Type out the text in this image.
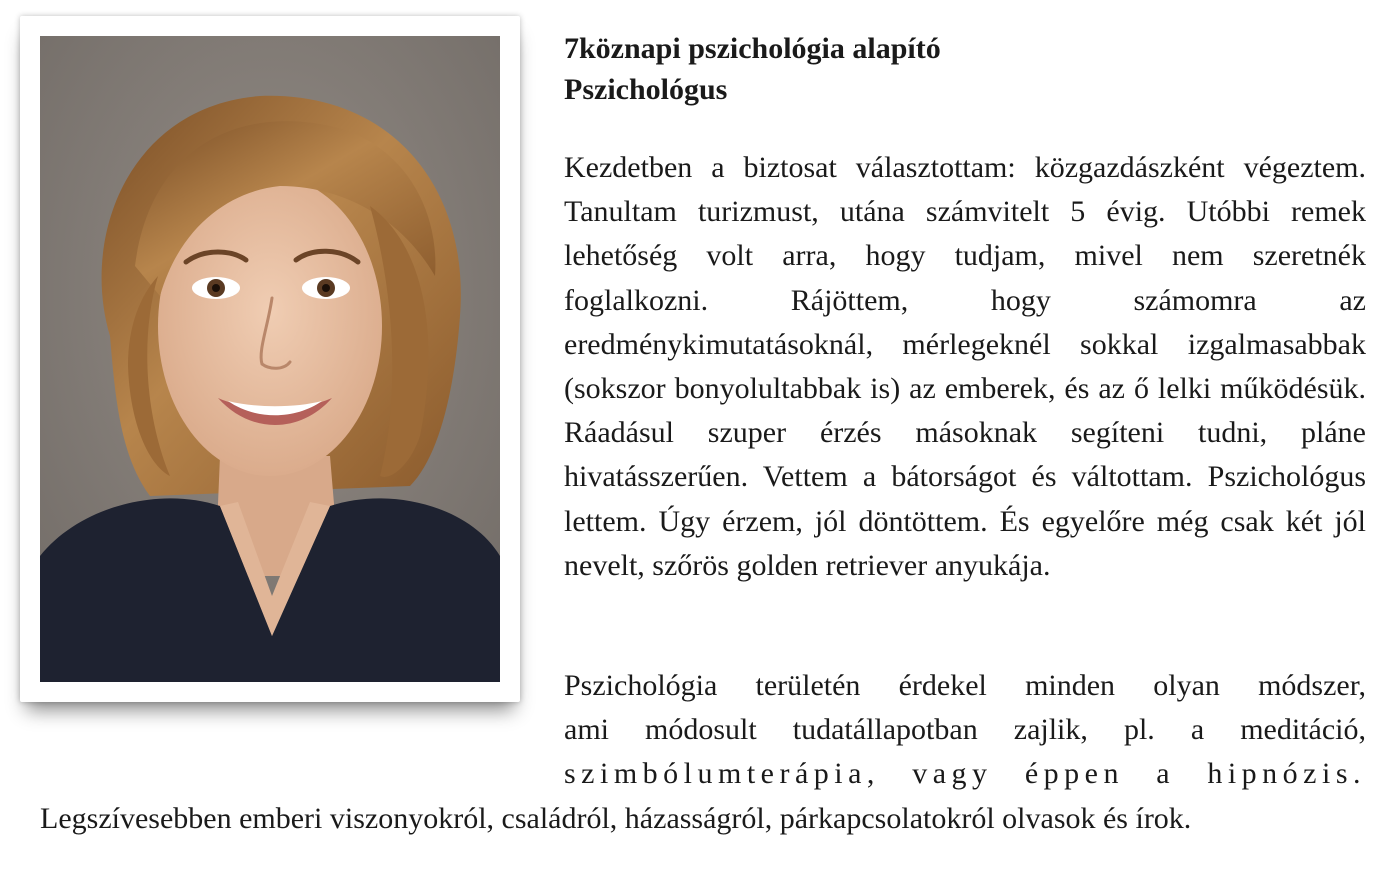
7köznapi pszichológia alapító
Pszichológus

Kezdetben a biztosat választottam: közgazdászként végeztem. Tanultam turizmust, utána számvitelt 5 évig. Utóbbi remek lehetőség volt arra, hogy tudjam, mivel nem szeretnék foglalkozni. Rájöttem, hogy számomra az eredménykimutatásoknál, mérlegeknél sokkal izgalmasabbak (sokszor bonyolultabbak is) az emberek, és az ő lelki működésük. Ráadásul szuper érzés másoknak segíteni tudni, pláne hivatásszerűen. Vettem a bátorságot és váltottam. Pszichológus lettem. Úgy érzem, jól döntöttem. És egyelőre még csak két jól nevelt, szőrös golden retriever anyukája.

Pszichológia területén érdekel minden olyan módszer,
ami módosult tudatállapotban zajlik, pl. a meditáció,
szimbólumterápia, vagy éppen a hipnózis.

Legszívesebben emberi viszonyokról, családról, házasságról, párkapcsolatokról olvasok és írok.
